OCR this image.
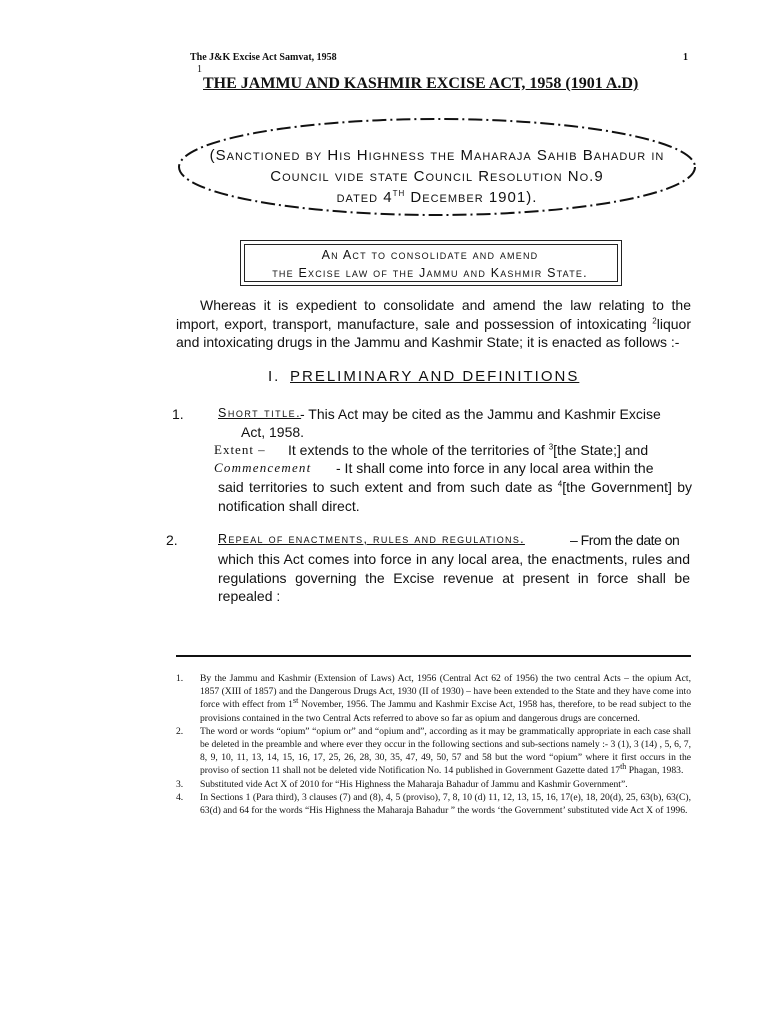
The J&K Excise Act Samvat, 1958	1
1
THE JAMMU AND KASHMIR EXCISE ACT, 1958 (1901 A.D)
(Sanctioned by His Highness the Maharaja Sahib Bahadur in
Council vide state Council Resolution No.9
dated 4TH December 1901).
An Act to consolidate and amend
the Excise law of the Jammu and Kashmir State.
Whereas it is expedient to consolidate and amend the law relating to the import, export, transport, manufacture, sale and possession of intoxicating $^2$liquor and intoxicating drugs in the Jammu and Kashmir State; it is enacted as follows :-
I. PRELIMINARY AND DEFINITIONS
1.	Short title.
- This Act may be cited as the Jammu and Kashmir Excise
Act, 1958.
Extent – It extends to the whole of the territories of $^3$[the State;] and
Commencement - It shall come into force in any local area within the
said territories to such extent and from such date as $^4$[the Government] by notification shall direct.
2.	Repeal of enactments, rules and regulations.	– From the date on
which this Act comes into force in any local area, the enactments, rules and regulations governing the Excise revenue at present in force shall be repealed :
1.	By the Jammu and Kashmir (Extension of Laws) Act, 1956 (Central Act 62 of 1956) the two central Acts – the opium Act, 1857 (XIII of 1857) and the Dangerous Drugs Act, 1930 (II of 1930) – have been extended to the State and they have come into force with effect from 1st November, 1956. The Jammu and Kashmir Excise Act, 1958 has, therefore, to be read subject to the provisions contained in the two Central Acts referred to above so far as opium and dangerous drugs are concerned.
2.	The word or words “opium” “opium or” and “opium and”, according as it may be grammatically appropriate in each case shall be deleted in the preamble and where ever they occur in the following sections and sub-sections namely :- 3 (1), 3 (14) , 5, 6, 7, 8, 9, 10, 11, 13, 14, 15, 16, 17, 25, 26, 28, 30, 35, 47, 49, 50, 57 and 58 but the word “opium” where it first occurs in the proviso of section 11 shall not be deleted vide Notification No. 14 published in Government Gazette dated 17th Phagan, 1983.
3.	Substituted vide Act X of 2010 for “His Highness the Maharaja Bahadur of Jammu and Kashmir Government”.
4.	In Sections 1 (Para third), 3 clauses (7) and (8), 4, 5 (proviso), 7, 8, 10 (d) 11, 12, 13, 15, 16, 17(e), 18, 20(d), 25, 63(b), 63(C), 63(d) and 64 for the words “His Highness the Maharaja Bahadur ” the words ‘the Government’ substituted vide Act X of 1996.
